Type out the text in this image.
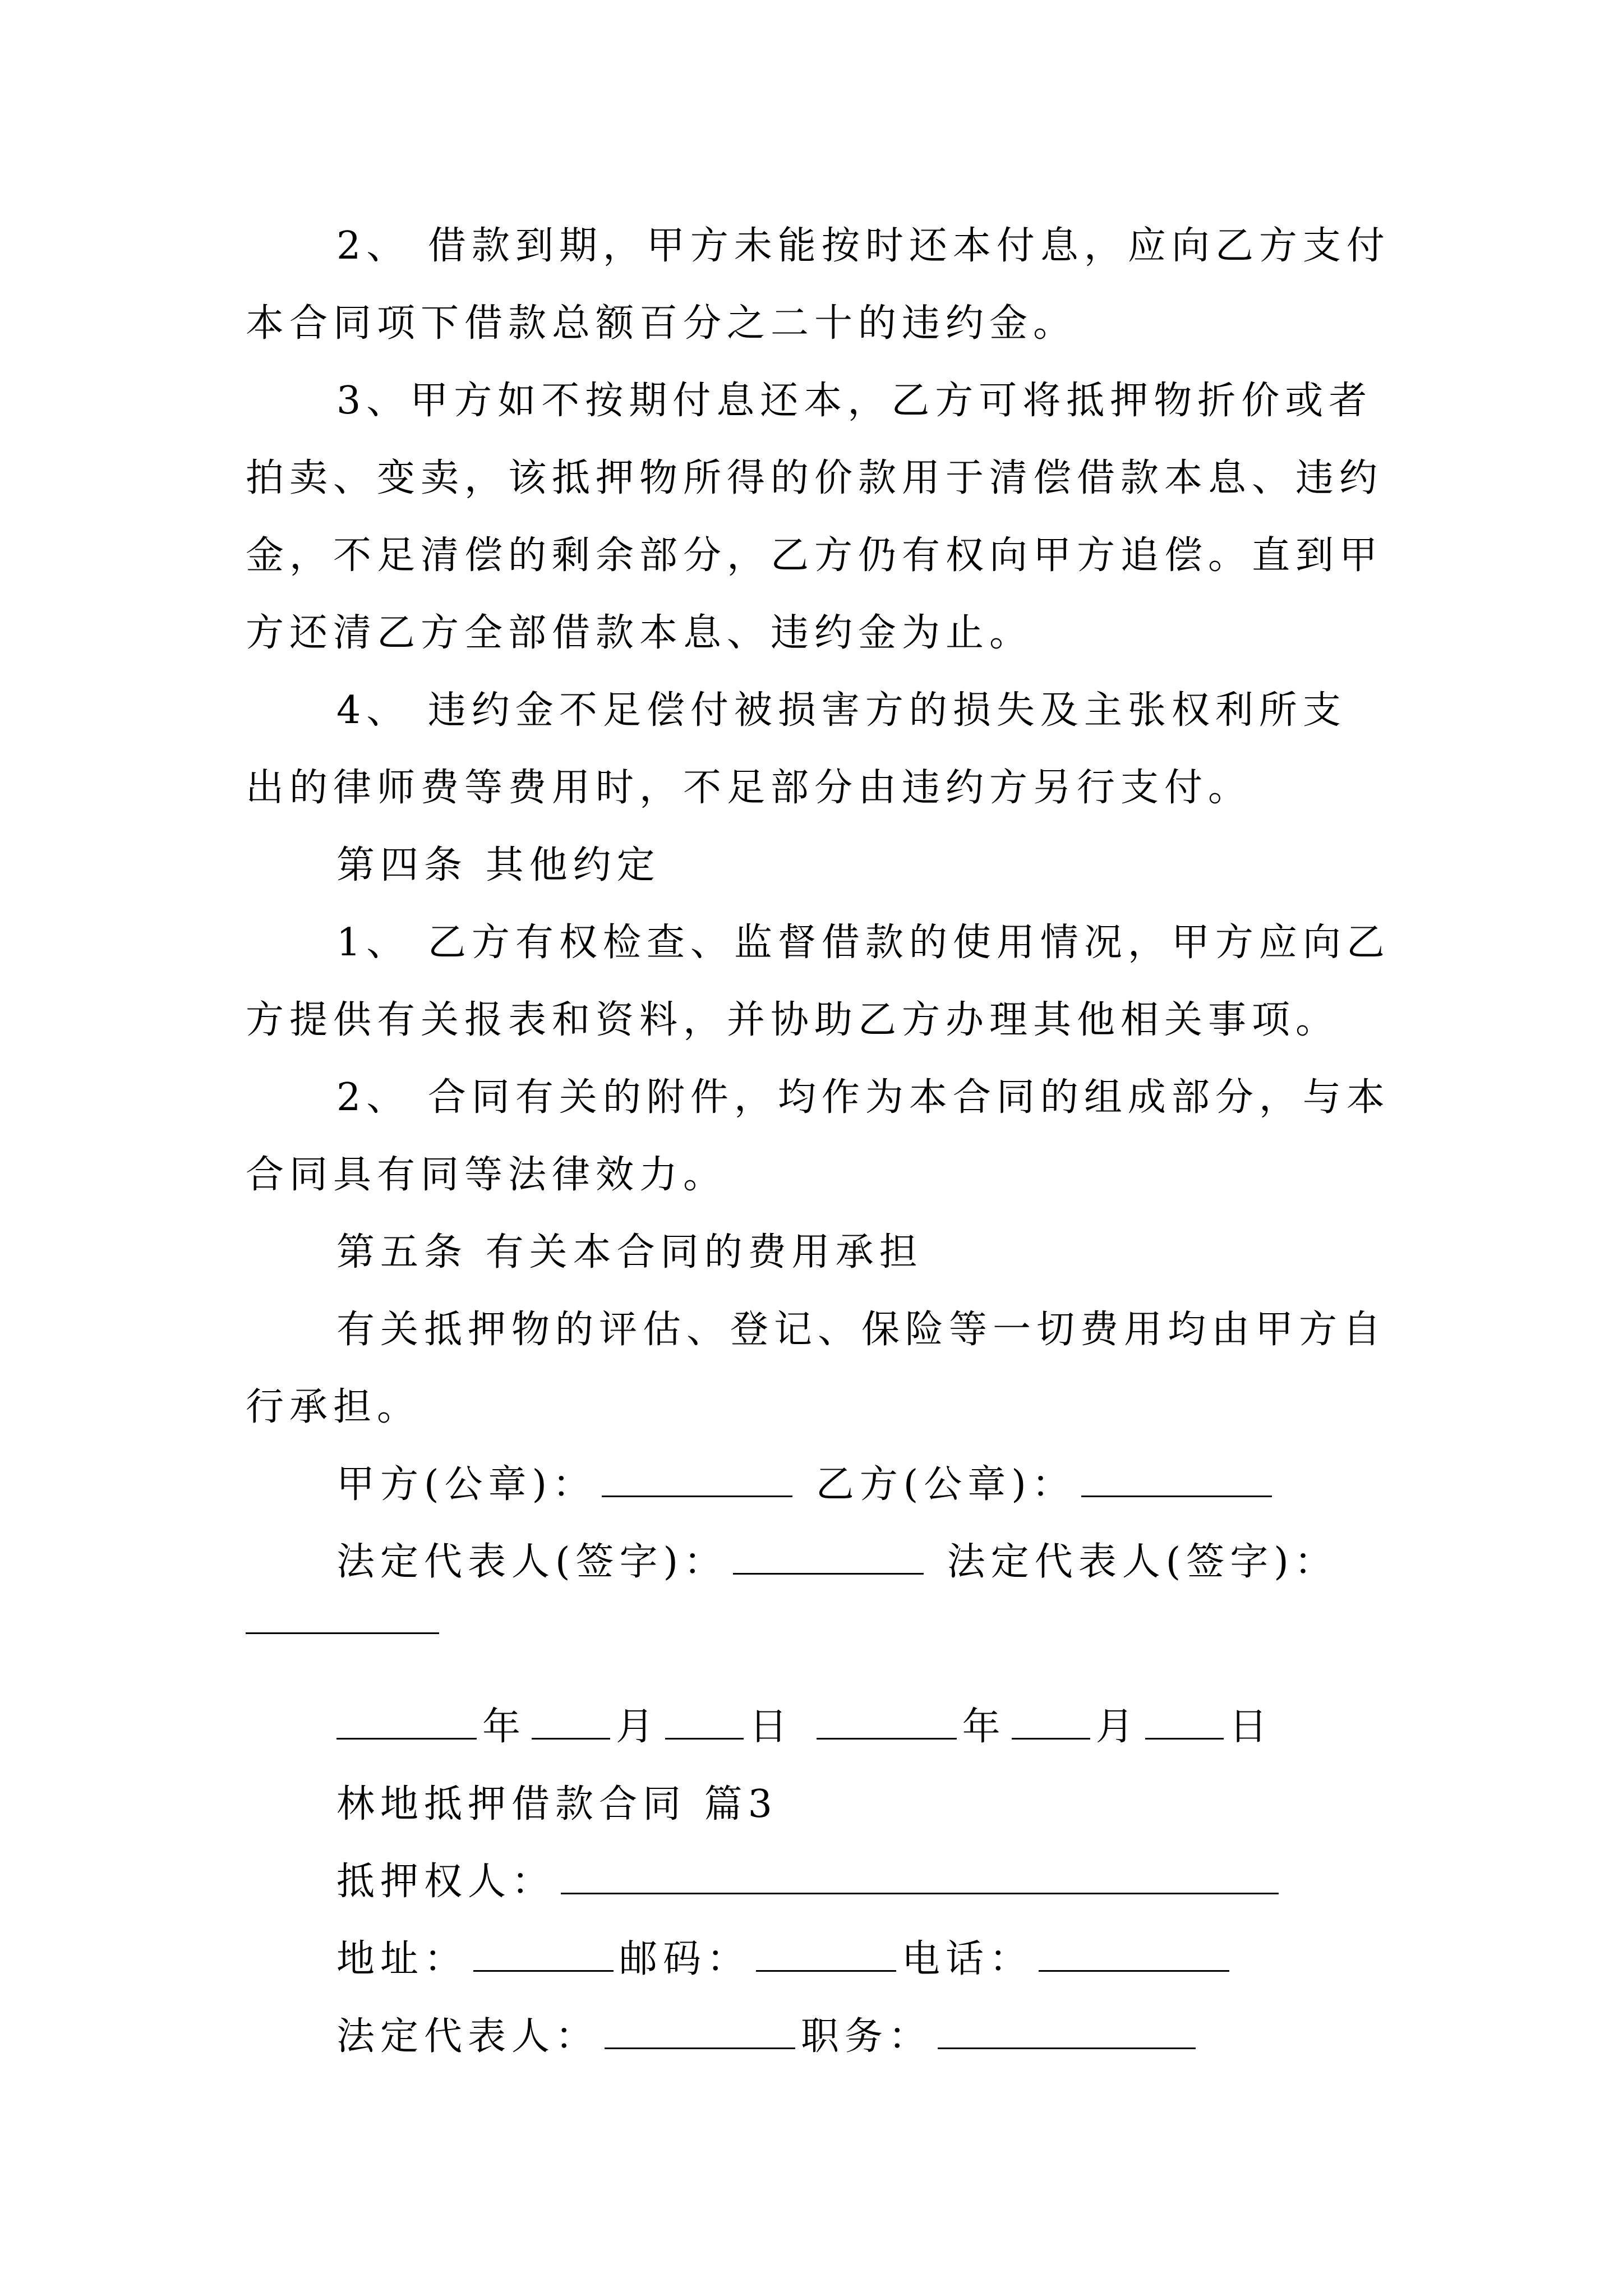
2、 借款到期，甲方未能按时还本付息，应向乙方支付
本合同项下借款总额百分之二十的违约金。
3、甲方如不按期付息还本，乙方可将抵押物折价或者
拍卖、变卖，该抵押物所得的价款用于清偿借款本息、违约
金，不足清偿的剩余部分，乙方仍有权向甲方追偿。直到甲
方还清乙方全部借款本息、违约金为止。
4、 违约金不足偿付被损害方的损失及主张权利所支
出的律师费等费用时，不足部分由违约方另行支付。
第四条 其他约定
1、 乙方有权检查、监督借款的使用情况，甲方应向乙
方提供有关报表和资料，并协助乙方办理其他相关事项。
2、 合同有关的附件，均作为本合同的组成部分，与本
合同具有同等法律效力。
第五条 有关本合同的费用承担
有关抵押物的评估、登记、保险等一切费用均由甲方自
行承担。
甲方(公章)：	乙方(公章)：
法定代表人(签字)：	法定代表人(签字)：
年 月 日	年 月 日
林地抵押借款合同 篇3
抵押权人：
地址：	邮码：	电话：
法定代表人：	职务：
